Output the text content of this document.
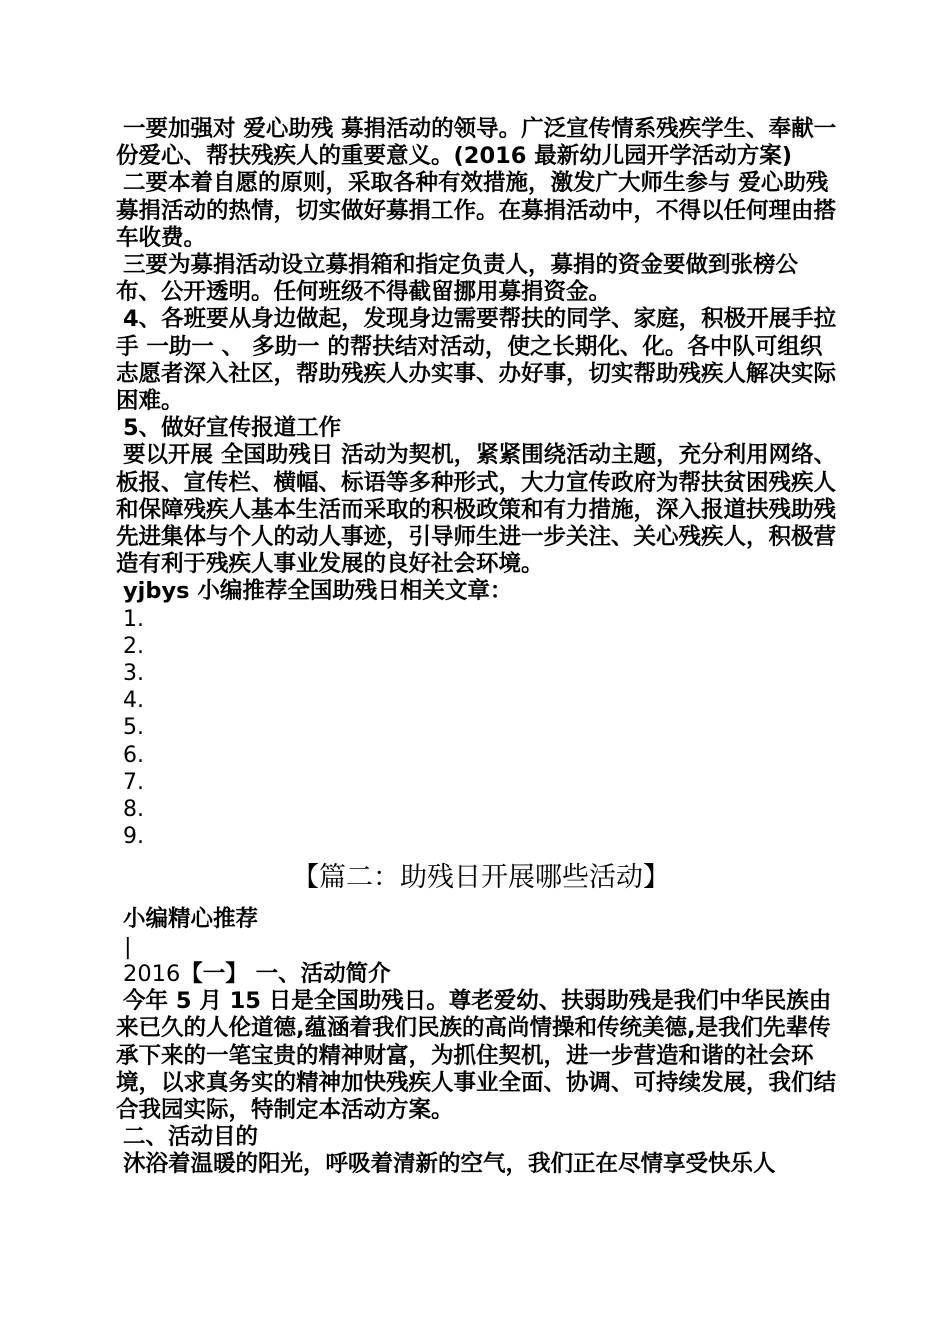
一要加强对 爱心助残 募捐活动的领导。广泛宣传情系残疾学生、奉献一份爱心、帮扶残疾人的重要意义。(2016 最新幼儿园开学活动方案)

二要本着自愿的原则，采取各种有效措施，激发广大师生参与 爱心助残 募捐活动的热情，切实做好募捐工作。在募捐活动中，不得以任何理由搭车收费。

三要为募捐活动设立募捐箱和指定负责人，募捐的资金要做到张榜公布、公开透明。任何班级不得截留挪用募捐资金。

4、各班要从身边做起，发现身边需要帮扶的同学、家庭，积极开展手拉手 一助一 、 多助一 的帮扶结对活动，使之长期化、化。各中队可组织志愿者深入社区，帮助残疾人办实事、办好事，切实帮助残疾人解决实际困难。

5、做好宣传报道工作

要以开展 全国助残日 活动为契机，紧紧围绕活动主题，充分利用网络、板报、宣传栏、横幅、标语等多种形式，大力宣传政府为帮扶贫困残疾人和保障残疾人基本生活而采取的积极政策和有力措施，深入报道扶残助残先进集体与个人的动人事迹，引导师生进一步关注、关心残疾人，积极营造有利于残疾人事业发展的良好社会环境。

yjbys 小编推荐全国助残日相关文章：

1.
2.
3.
4.
5.
6.
7.
8.
9.
【篇二：助残日开展哪些活动】

小编精心推荐

|

2016【一】 一、活动简介

今年 5 月 15 日是全国助残日。尊老爱幼、扶弱助残是我们中华民族由来已久的人伦道德,蕴涵着我们民族的高尚情操和传统美德,是我们先辈传承下来的一笔宝贵的精神财富，为抓住契机，进一步营造和谐的社会环境，以求真务实的精神加快残疾人事业全面、协调、可持续发展，我们结合我园实际，特制定本活动方案。

二、活动目的

沐浴着温暖的阳光，呼吸着清新的空气，我们正在尽情享受快乐人
